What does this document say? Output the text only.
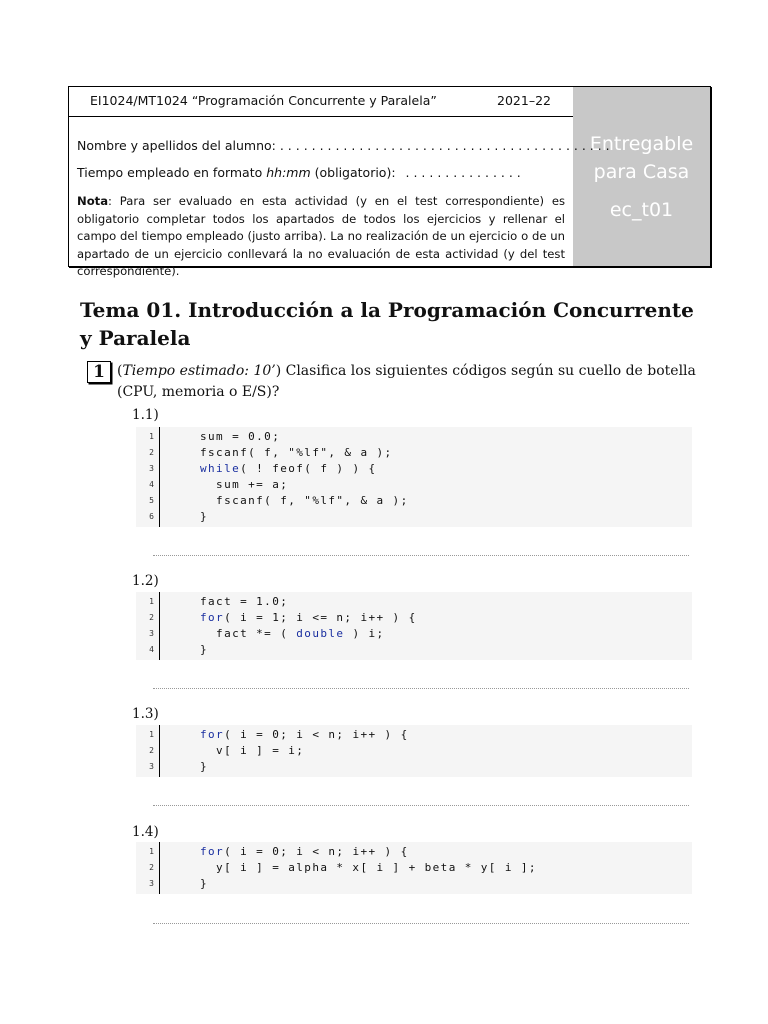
EI1024/MT1024 “Programación Concurrente y Paralela”	2021–22
Nombre y apellidos del alumno: . . . . . . . . . . . . . . . . . . . . . . . . . . . . . . . . . . . . . . . . . .
Tiempo empleado en formato hh:mm (obligatorio): . . . . . . . . . . . . . . .
Nota: Para ser evaluado en esta actividad (y en el test correspondiente) es obligatorio completar todos los apartados de todos los ejercicios y rellenar el campo del tiempo empleado (justo arriba). La no realización de un ejercicio o de un apartado de un ejercicio conllevará la no evaluación de esta actividad (y del test correspondiente).
Entregable
para Casa
ec_t01
Tema 01. Introducción a la Programación Concurrente y Paralela
1 (Tiempo estimado: 10’) Clasifica los siguientes códigos según su cuello de botella (CPU, memoria o E/S)?
1.1)
1	sum = 0.0;
2	fscanf( f, "%lf", & a );
3	while( ! feof( f ) ) {
4	sum += a;
5	fscanf( f, "%lf", & a );
6	}
1.2)
1	fact = 1.0;
2	for( i = 1; i <= n; i++ ) {
3	fact *= ( double ) i;
4	}
1.3)
1	for( i = 0; i < n; i++ ) {
2	v[ i ] = i;
3	}
1.4)
1	for( i = 0; i < n; i++ ) {
2	y[ i ] = alpha * x[ i ] + beta * y[ i ];
3	}
